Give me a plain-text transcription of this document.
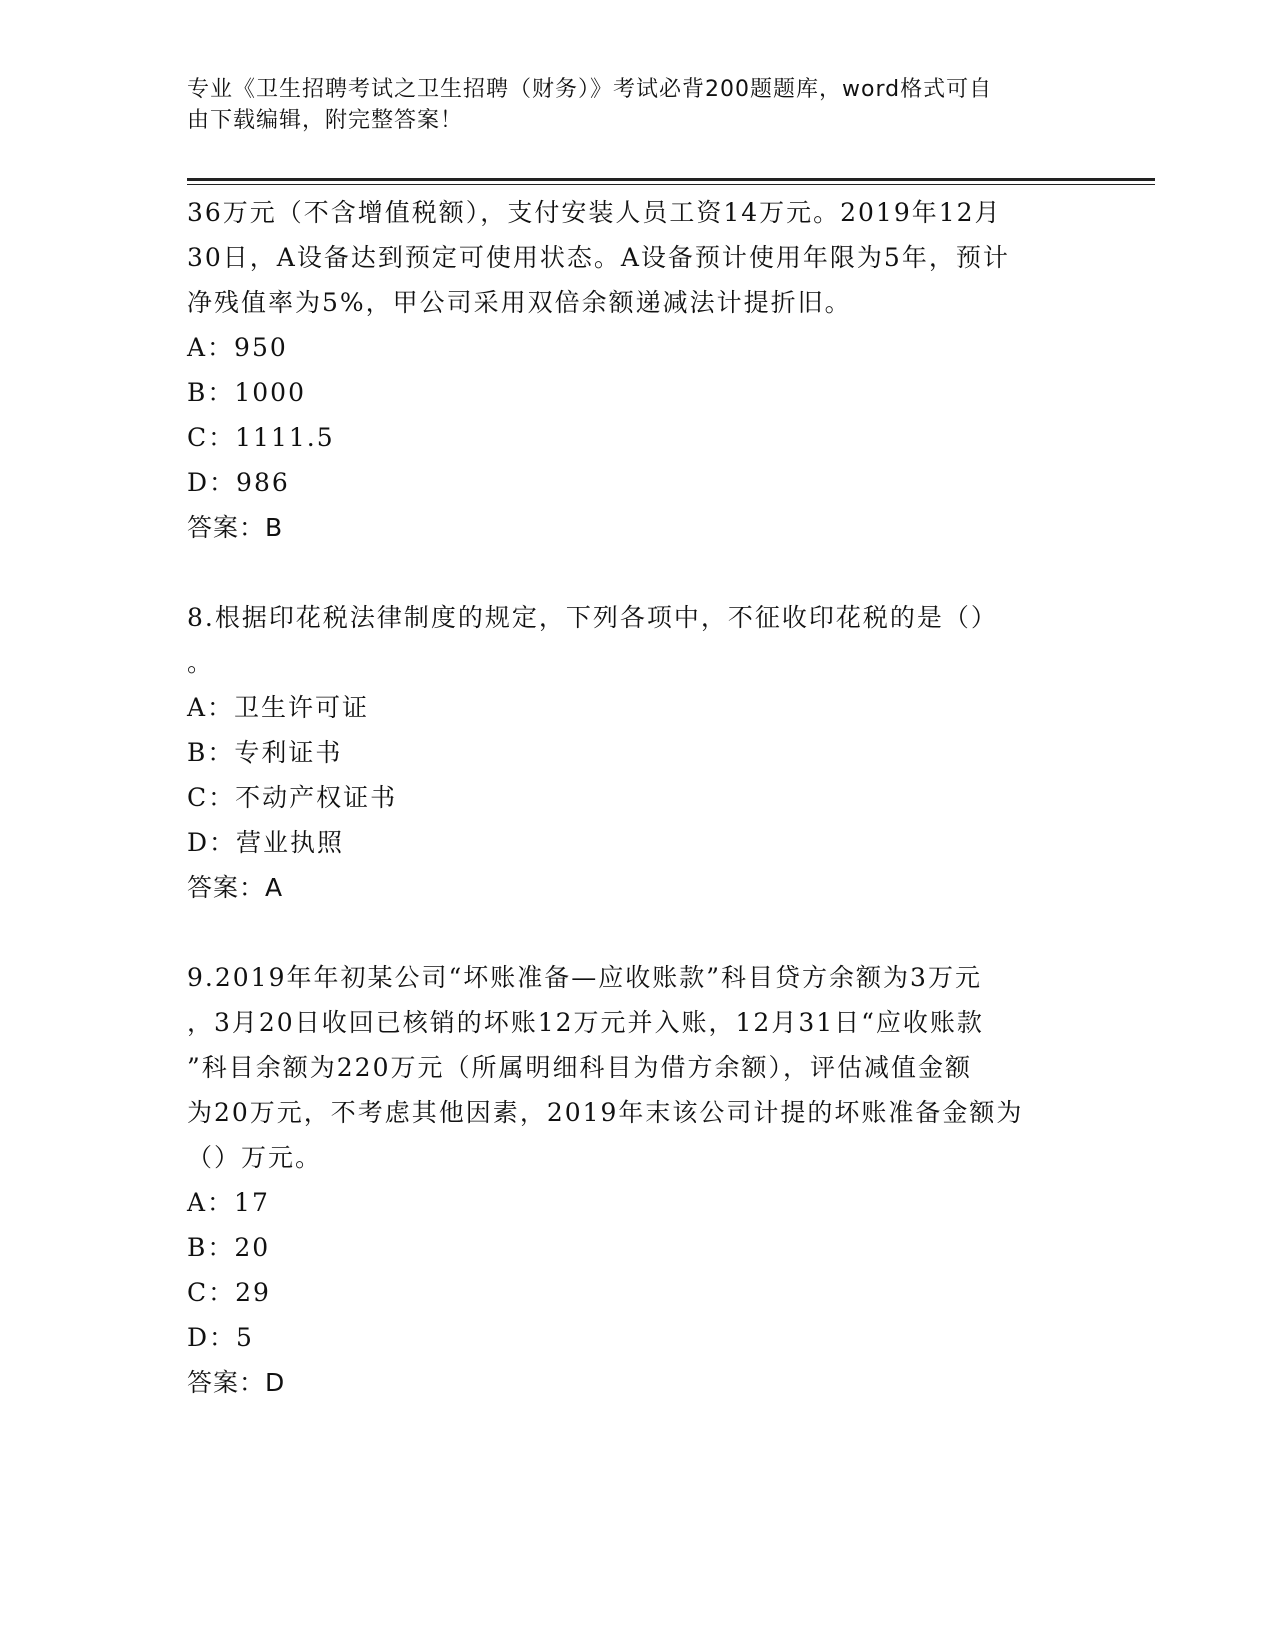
专业《卫生招聘考试之卫生招聘（财务）》考试必背200题题库，word格式可自
由下载编辑，附完整答案！
36万元（不含增值税额），支付安装人员工资14万元。2019年12月
30日，A设备达到预定可使用状态。A设备预计使用年限为5年，预计
净残值率为5%，甲公司采用双倍余额递减法计提折旧。
A：950
B：1000
C：1111.5
D：986
答案：B
8.根据印花税法律制度的规定，下列各项中，不征收印花税的是（）
。
A：卫生许可证
B：专利证书
C：不动产权证书
D：营业执照
答案：A
9.2019年年初某公司“坏账准备—应收账款”科目贷方余额为3万元
，3月20日收回已核销的坏账12万元并入账，12月31日“应收账款
”科目余额为220万元（所属明细科目为借方余额），评估减值金额
为20万元，不考虑其他因素，2019年末该公司计提的坏账准备金额为
（）万元。
A：17
B：20
C：29
D：5
答案：D
